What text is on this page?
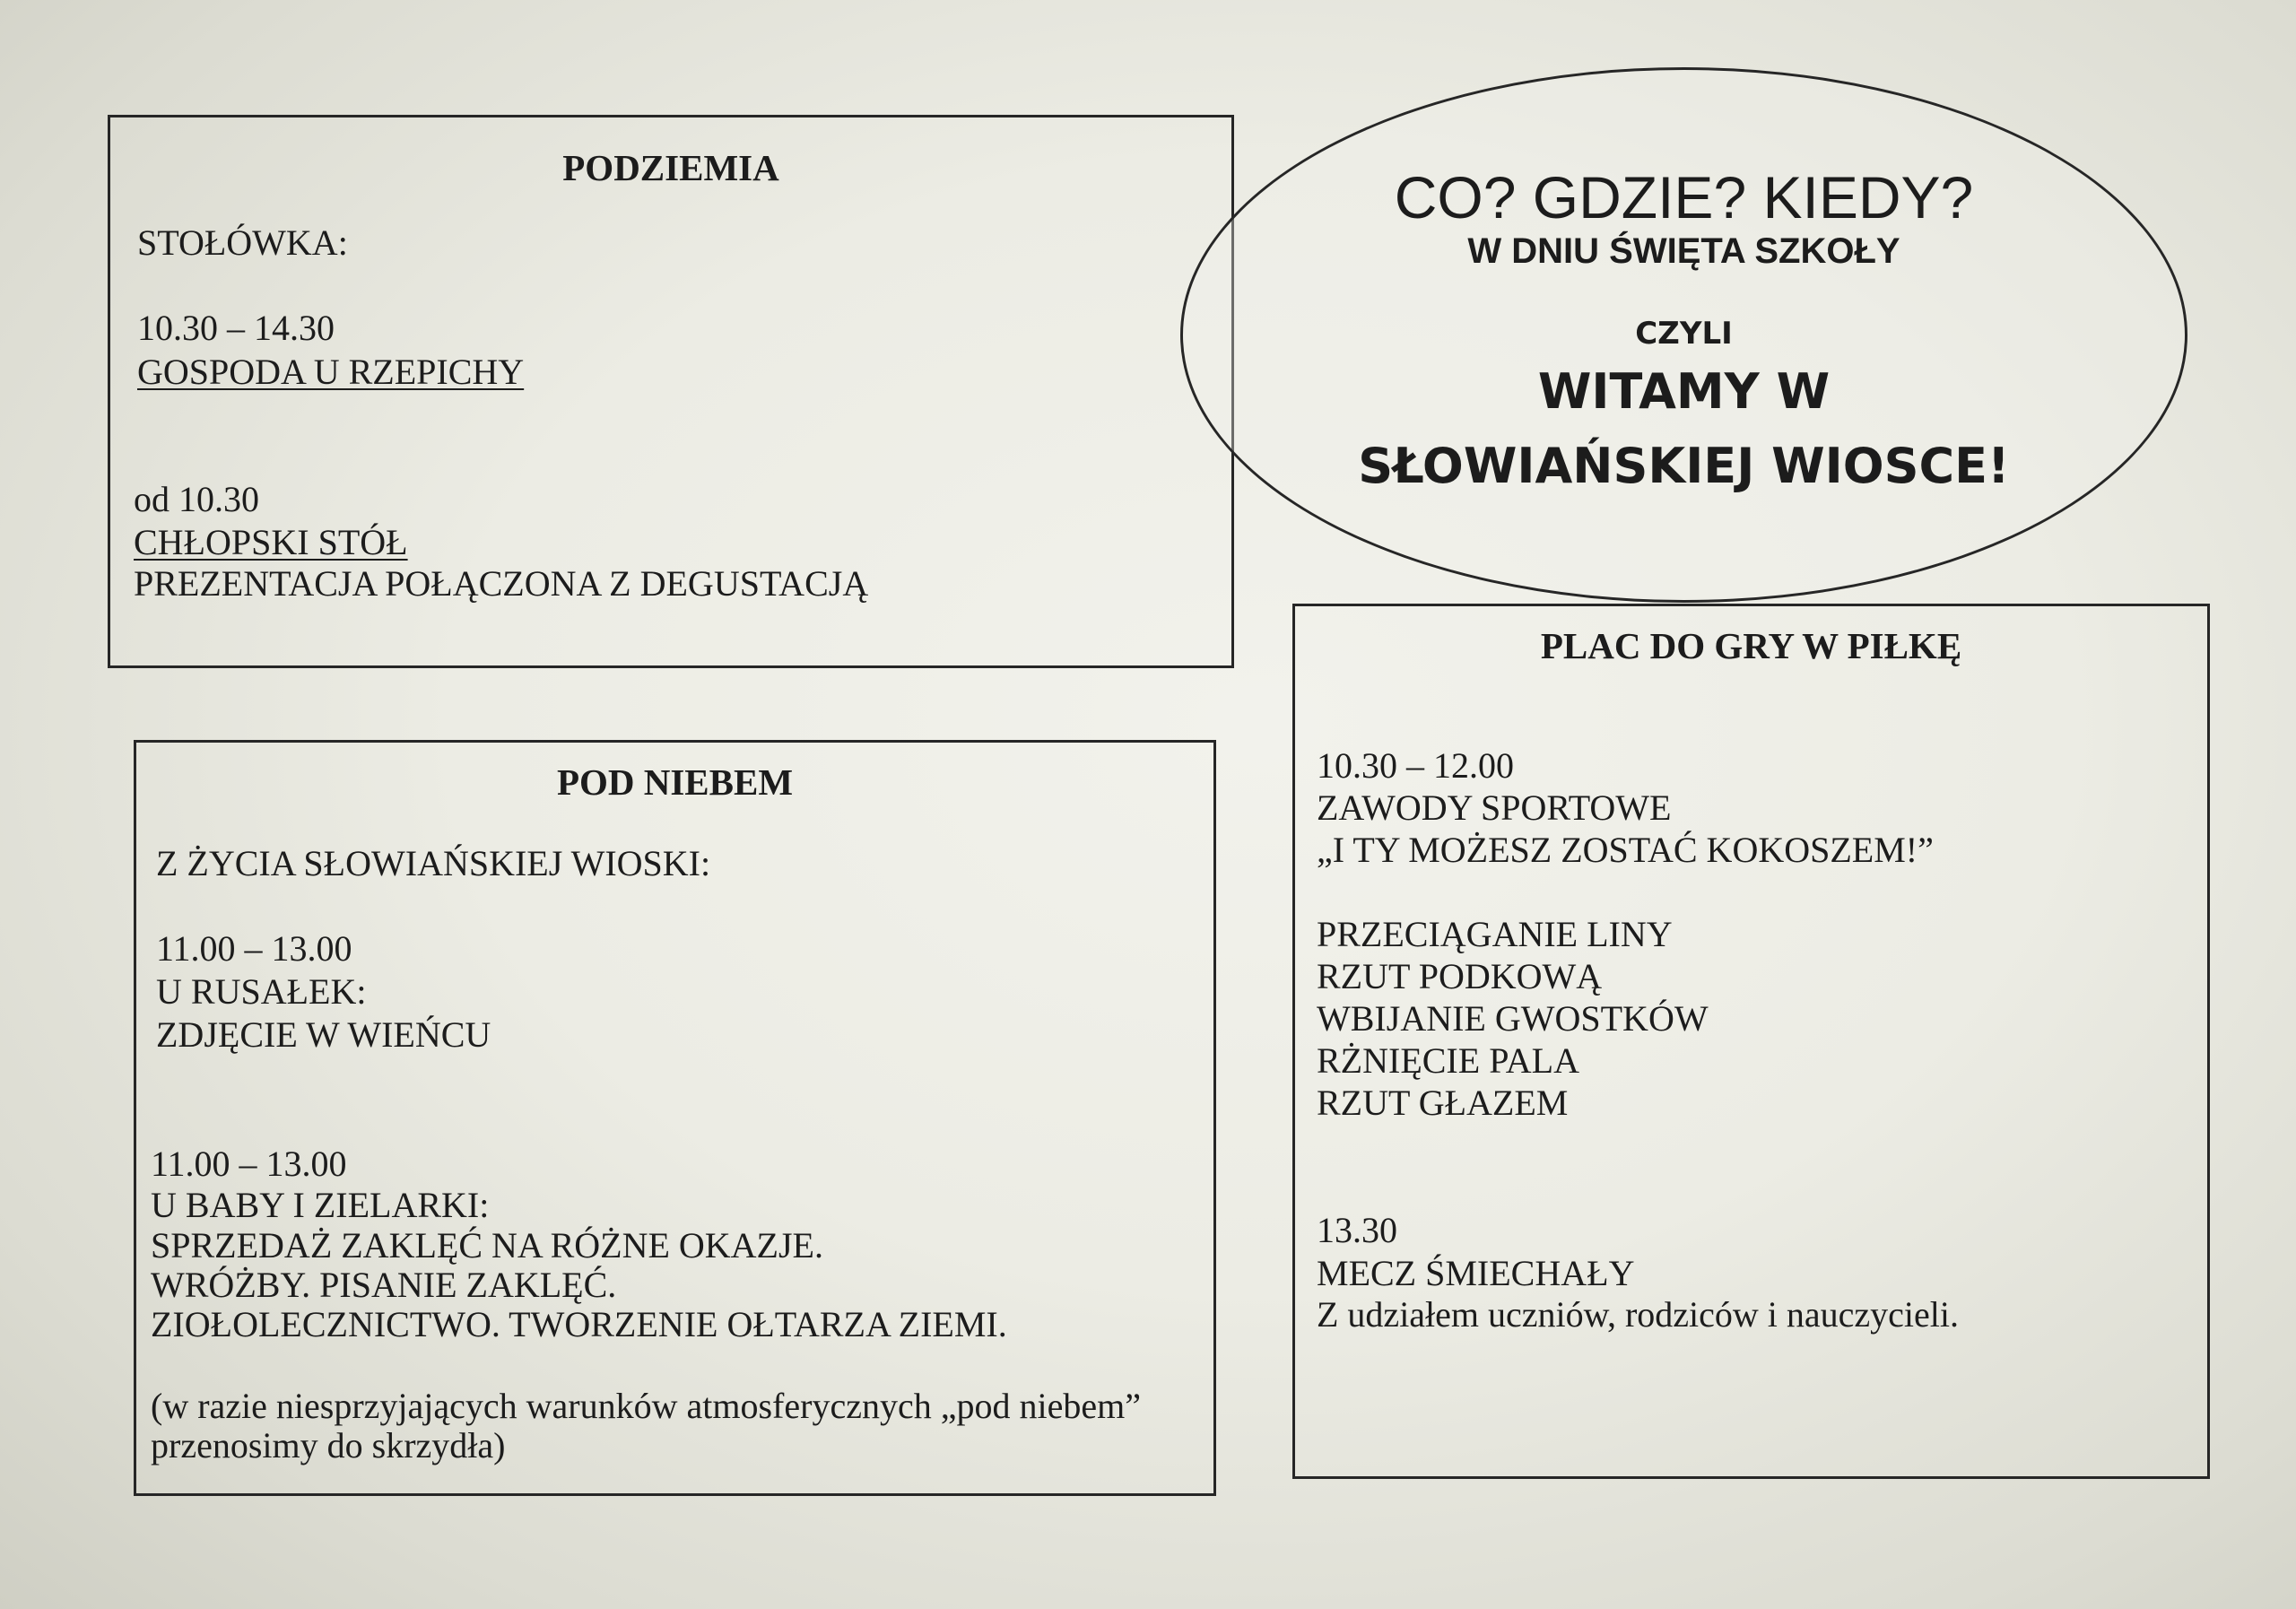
PODZIEMIA
STOŁÓWKA:
10.30 – 14.30
GOSPODA U RZEPICHY
od 10.30
CHŁOPSKI STÓŁ
PREZENTACJA POŁĄCZONA Z DEGUSTACJĄ
CO? GDZIE? KIEDY?
W DNIU ŚWIĘTA SZKOŁY
CZYLI
WITAMY W
SŁOWIAŃSKIEJ WIOSCE!
POD NIEBEM
Z ŻYCIA SŁOWIAŃSKIEJ WIOSKI:
11.00 – 13.00
U RUSAŁEK:
ZDJĘCIE W WIEŃCU
11.00 – 13.00
U BABY I ZIELARKI:
SPRZEDAŻ ZAKLĘĆ NA RÓŻNE OKAZJE.
WRÓŻBY. PISANIE ZAKLĘĆ.
ZIOŁOLECZNICTWO. TWORZENIE OŁTARZA ZIEMI.
(w razie niesprzyjających warunków atmosferycznych „pod niebem”
przenosimy do skrzydła)
PLAC DO GRY W PIŁKĘ
10.30 – 12.00
ZAWODY SPORTOWE
„I TY MOŻESZ ZOSTAĆ KOKOSZEM!”
PRZECIĄGANIE LINY
RZUT PODKOWĄ
WBIJANIE GWOSTKÓW
RŻNIĘCIE PALA
RZUT GŁAZEM
13.30
MECZ ŚMIECHAŁY
Z udziałem uczniów, rodziców i nauczycieli.
